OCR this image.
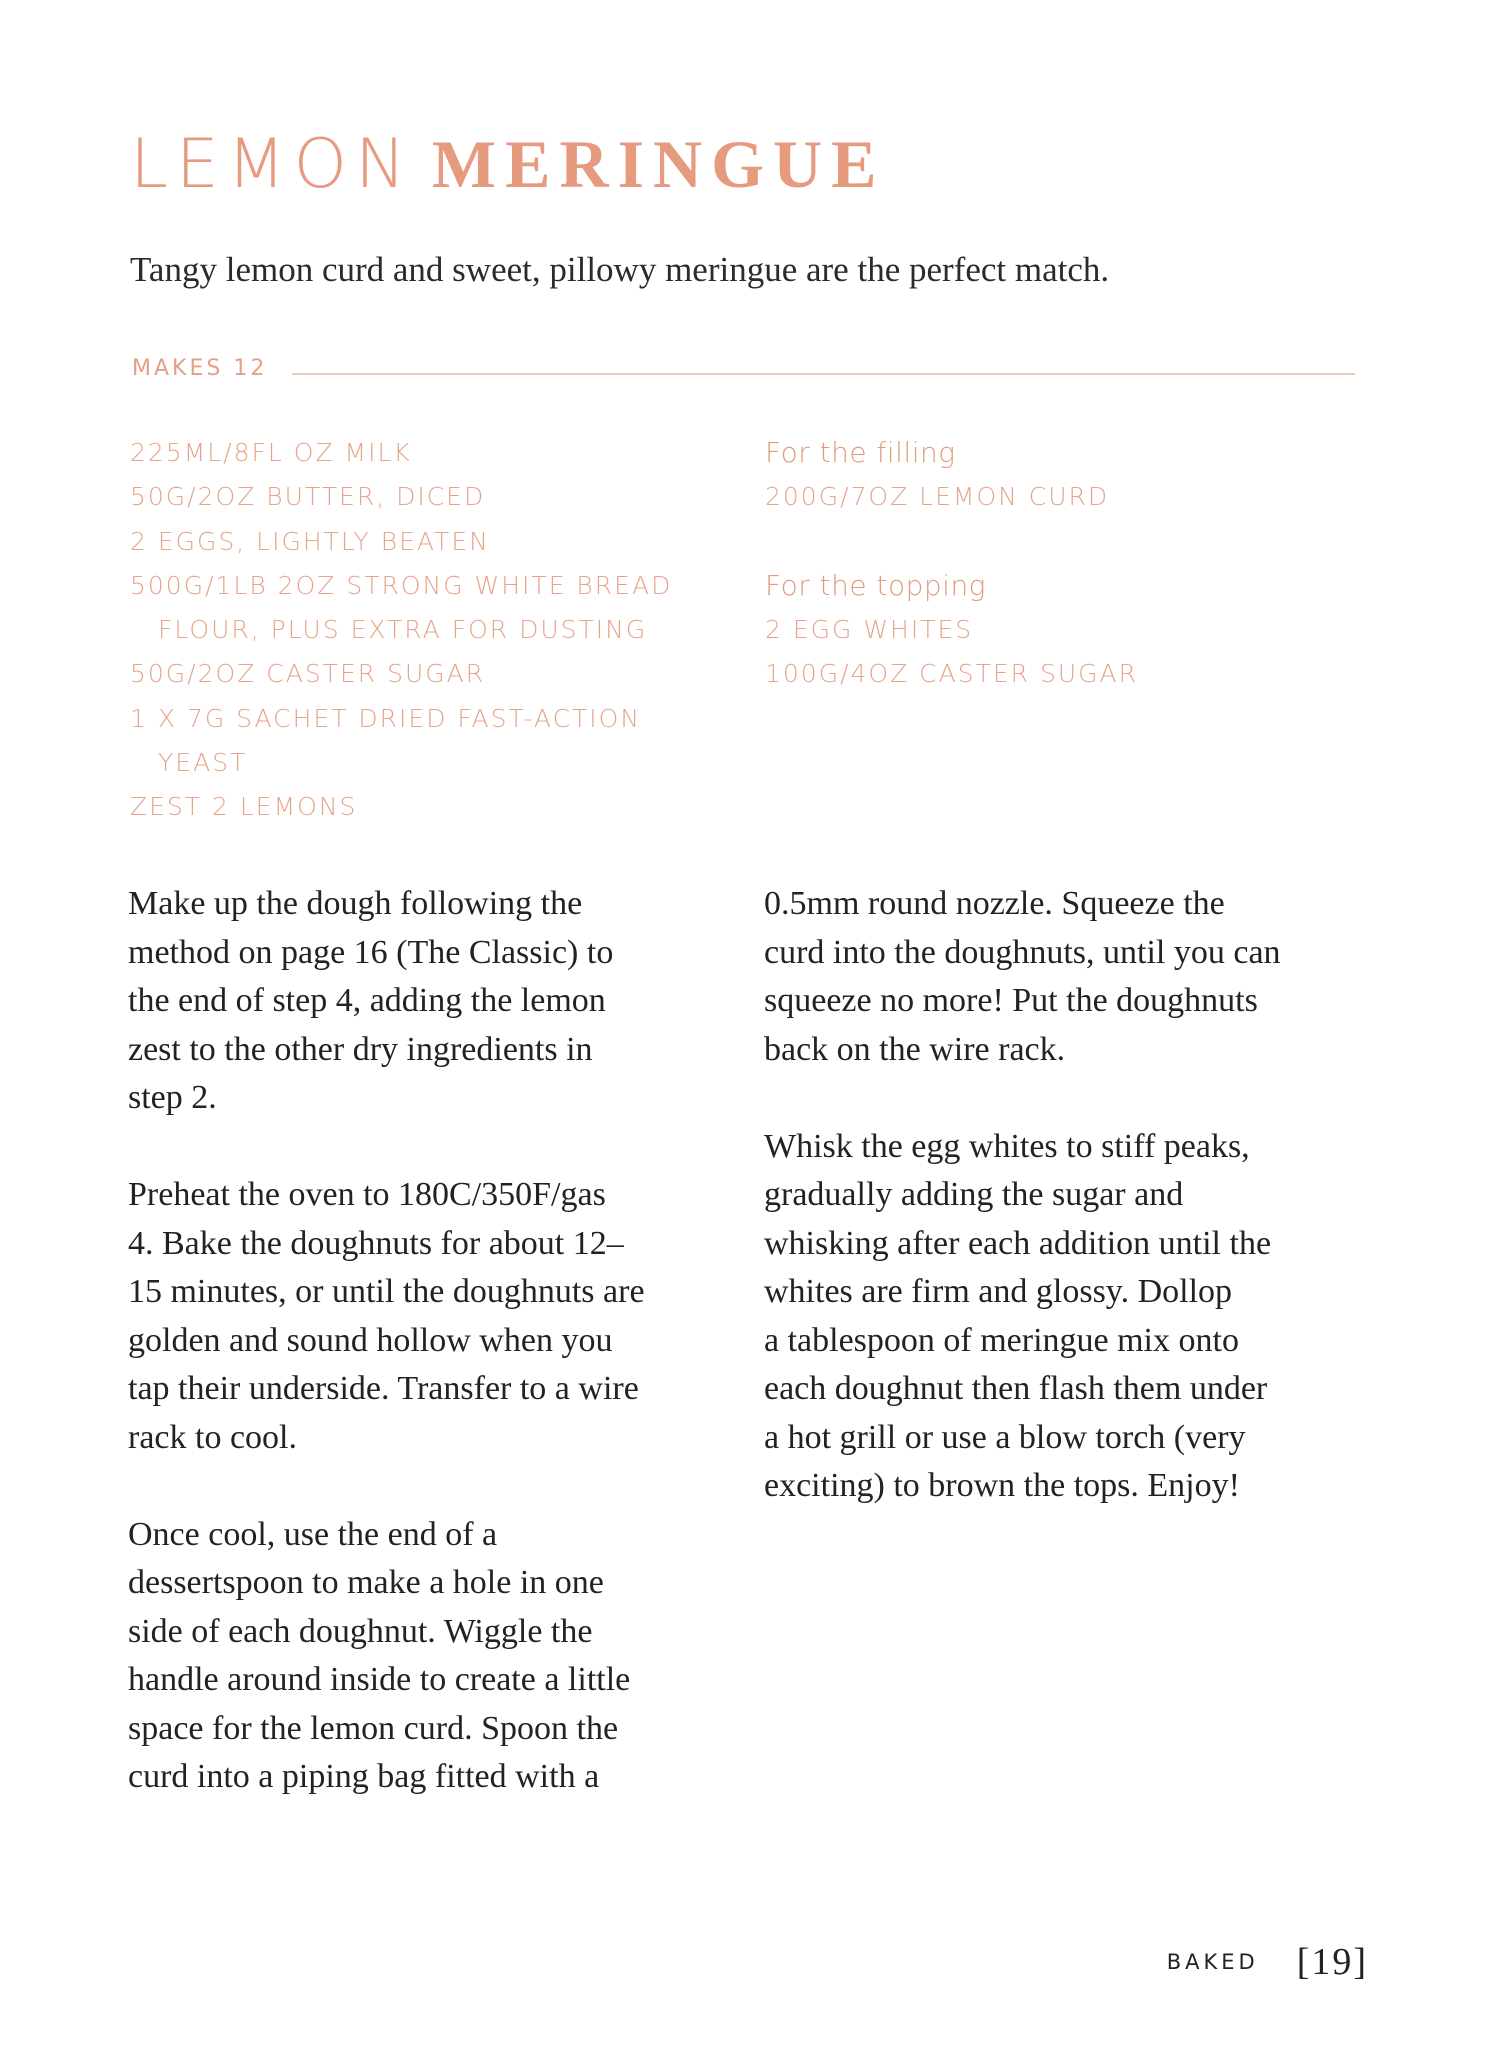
LEMON MERINGUE
Tangy lemon curd and sweet, pillowy meringue are the perfect match.
MAKES 12
225ML/8FL OZ MILK
50G/2OZ BUTTER, DICED
2 EGGS, LIGHTLY BEATEN
500G/1LB 2OZ STRONG WHITE BREAD
FLOUR, PLUS EXTRA FOR DUSTING
50G/2OZ CASTER SUGAR
1 X 7G SACHET DRIED FAST-ACTION
YEAST
ZEST 2 LEMONS
For the filling
200G/7OZ LEMON CURD
For the topping
2 EGG WHITES
100G/4OZ CASTER SUGAR

Make up the dough following the
method on page 16 (The Classic) to
the end of step 4, adding the lemon
zest to the other dry ingredients in
step 2.

Preheat the oven to 180C/350F/gas
4. Bake the doughnuts for about 12–
15 minutes, or until the doughnuts are
golden and sound hollow when you
tap their underside. Transfer to a wire
rack to cool.

Once cool, use the end of a
dessertspoon to make a hole in one
side of each doughnut. Wiggle the
handle around inside to create a little
space for the lemon curd. Spoon the
curd into a piping bag fitted with a

0.5mm round nozzle. Squeeze the
curd into the doughnuts, until you can
squeeze no more! Put the doughnuts
back on the wire rack.

Whisk the egg whites to stiff peaks,
gradually adding the sugar and
whisking after each addition until the
whites are firm and glossy. Dollop
a tablespoon of meringue mix onto
each doughnut then flash them under
a hot grill or use a blow torch (very
exciting) to brown the tops. Enjoy!

BAKED [19]
